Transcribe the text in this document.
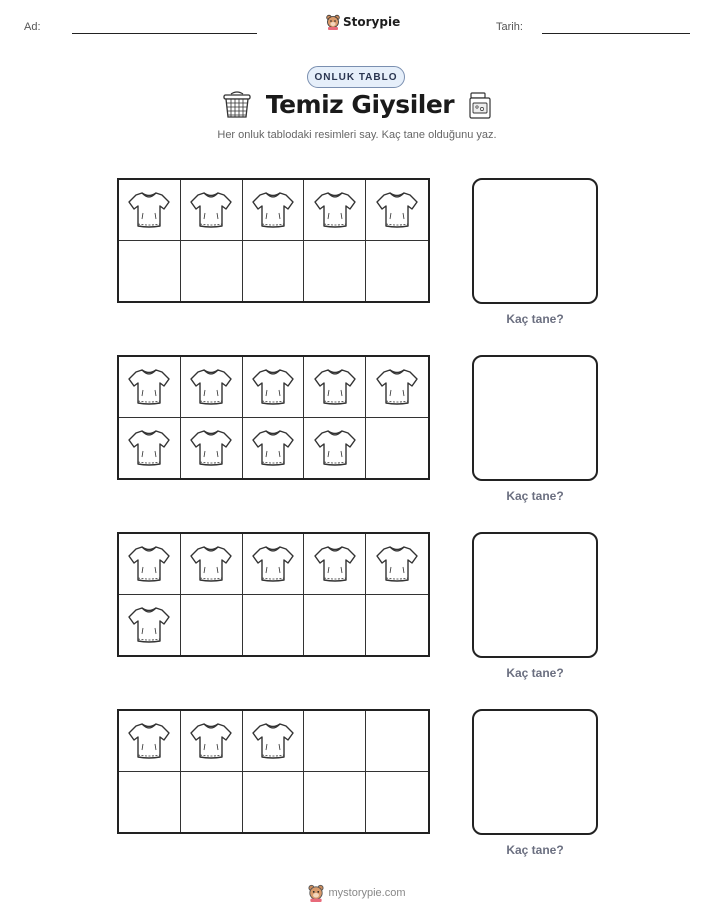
Ad:	Storypie	Tarih:
ONLUK TABLO
Temiz Giysiler
Her onluk tablodaki resimleri say. Kaç tane olduğunu yaz.
Kaç tane?
Kaç tane?
Kaç tane?
Kaç tane?
mystorypie.com
